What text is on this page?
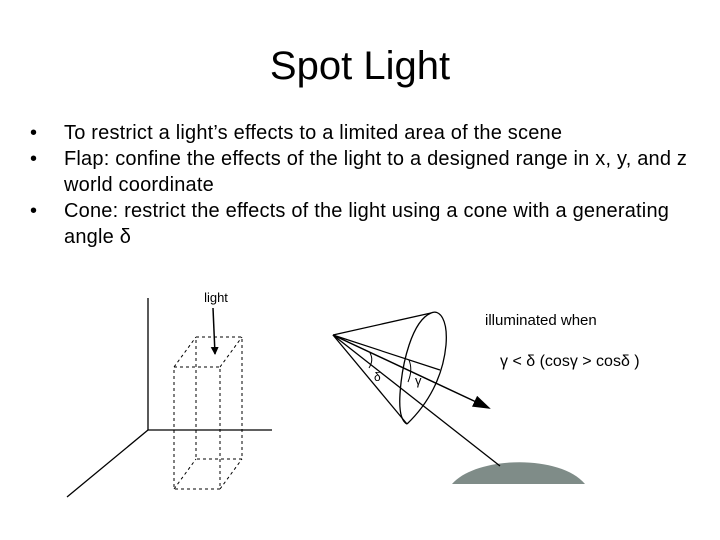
Spot Light
•	To restrict a light’s effects to a limited area of the scene
•	Flap: confine the effects of the light to a designed range in x, y, and z world coordinate
•	Cone: restrict the effects of the light using a cone with a generating angle δ
light
δ	γ
illuminated when
γ < δ (cosγ > cosδ )
